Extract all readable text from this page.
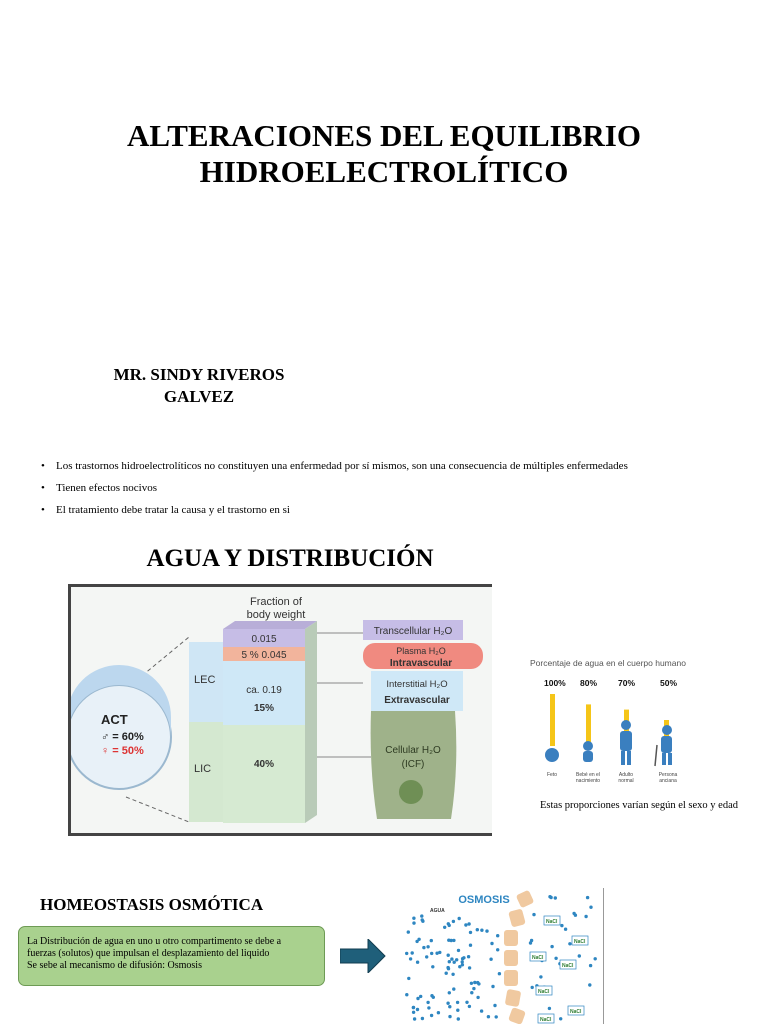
ALTERACIONES DEL EQUILIBRIO
HIDROELECTROLÍTICO
MR. SINDY RIVEROS
GALVEZ
• Los trastornos hidroelectrolíticos no constituyen una enfermedad por sí mismos, son una consecuencia de múltiples enfermedades
• Tienen efectos nocivos
• El tratamiento debe tratar la causa y el trastorno en si
AGUA Y DISTRIBUCIÓN
ACT
♂ = 60%
♀ = 50%
LEC
LIC
Fraction of
body weight
0.015
5 % 0.045
ca. 0.19
15%
40%
Transcellular H₂O
Plasma H₂O
Intravascular
Interstitial H₂O
Extravascular
Cellular H₂O
(ICF)
Porcentaje de agua en el cuerpo humano
100% 80% 70%	50%
Feto	Bebé en el nacimiento
Adulto normal
Persona anciana
Estas proporciones varían según el sexo y edad
HOMEOSTASIS OSMÓTICA
La Distribución de agua en uno u otro compartimento se debe a
fuerzas (solutos) que impulsan el desplazamiento del liquido
Se sebe al mecanismo de difusión: Osmosis
OSMOSIS
AGUA
NaCl
NaCl
NaCl
NaCl
NaCl
NaCl
NaCl
